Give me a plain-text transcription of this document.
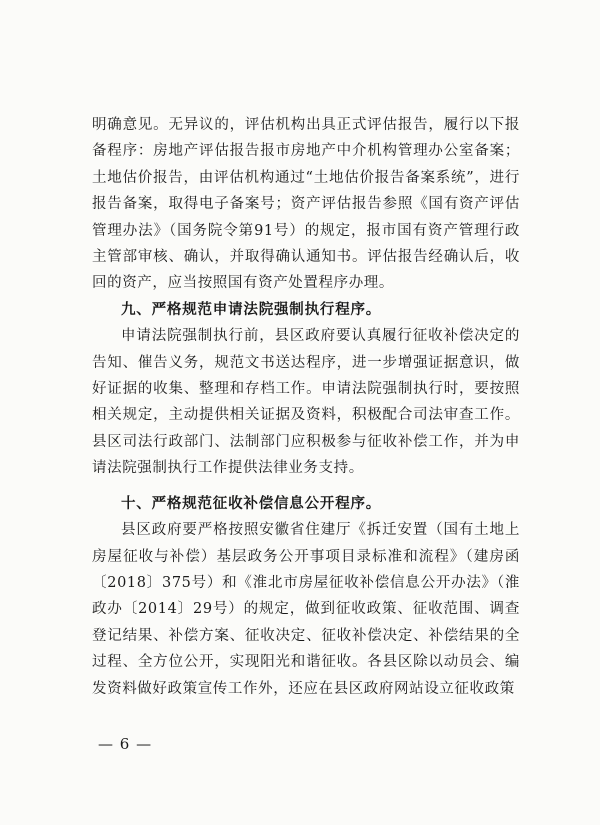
明确意见。无异议的，评估机构出具正式评估报告，履行以下报备程序：房地产评估报告报市房地产中介机构管理办公室备案；土地估价报告，由评估机构通过“土地估价报告备案系统”，进行报告备案，取得电子备案号；资产评估报告参照《国有资产评估管理办法》（国务院令第91号）的规定，报市国有资产管理行政主管部审核、确认，并取得确认通知书。评估报告经确认后，收回的资产，应当按照国有资产处置程序办理。

九、严格规范申请法院强制执行程序。

申请法院强制执行前，县区政府要认真履行征收补偿决定的告知、催告义务，规范文书送达程序，进一步增强证据意识，做好证据的收集、整理和存档工作。申请法院强制执行时，要按照相关规定，主动提供相关证据及资料，积极配合司法审查工作。县区司法行政部门、法制部门应积极参与征收补偿工作，并为申请法院强制执行工作提供法律业务支持。

十、严格规范征收补偿信息公开程序。

县区政府要严格按照安徽省住建厅《拆迁安置（国有土地上房屋征收与补偿）基层政务公开事项目录标准和流程》（建房函〔2018〕375号）和《淮北市房屋征收补偿信息公开办法》（淮政办〔2014〕29号）的规定，做到征收政策、征收范围、调查登记结果、补偿方案、征收决定、征收补偿决定、补偿结果的全过程、全方位公开，实现阳光和谐征收。各县区除以动员会、编发资料做好政策宣传工作外，还应在县区政府网站设立征收政策

— 6 —
